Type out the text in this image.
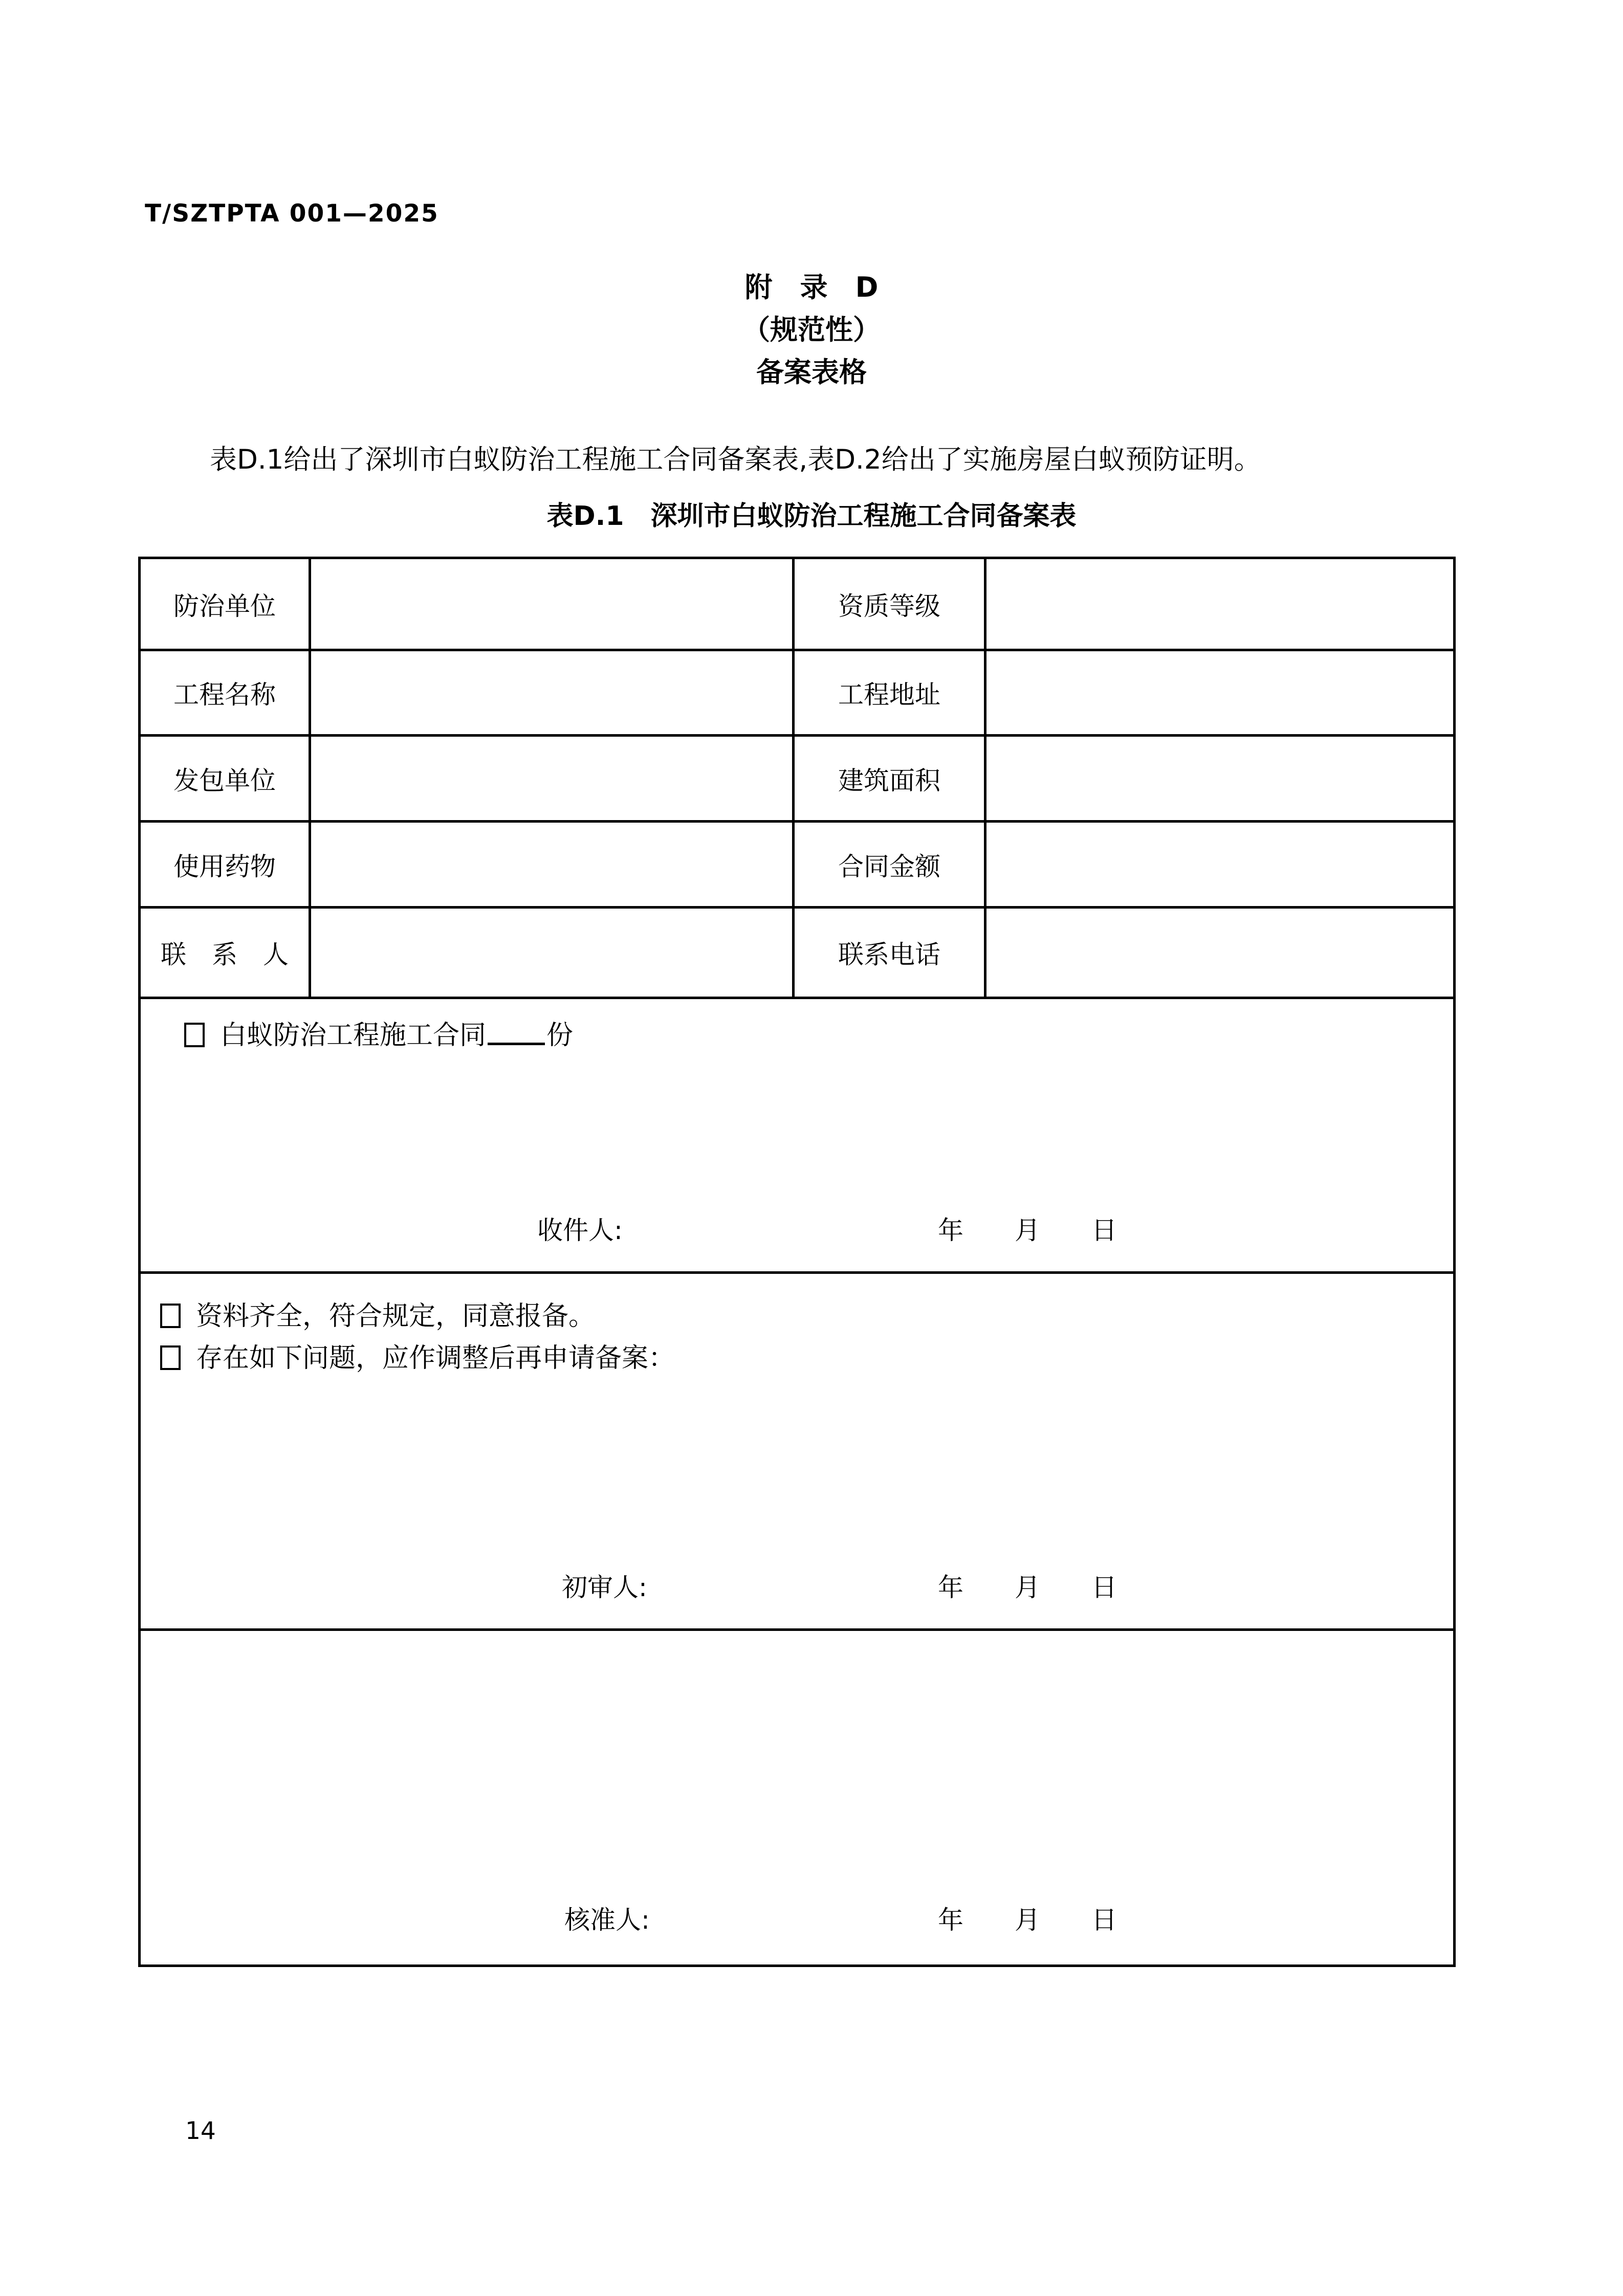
T/SZTPTA 001—2025
附　录　D
（规范性）
备案表格
表D.1给出了深圳市白蚁防治工程施工合同备案表,表D.2给出了实施房屋白蚁预防证明。
表D.1　深圳市白蚁防治工程施工合同备案表
防治单位		资质等级	
工程名称		工程地址	
发包单位		建筑面积	
使用药物		合同金额	
联　系　人		联系电话	

白蚁防治工程施工合同 份
收件人: 年 月 日			

资料齐全，符合规定，同意报备。
存在如下问题，应作调整后再申请备案：
初审人:	年 月 日

核准人: 年 月 日			
14
